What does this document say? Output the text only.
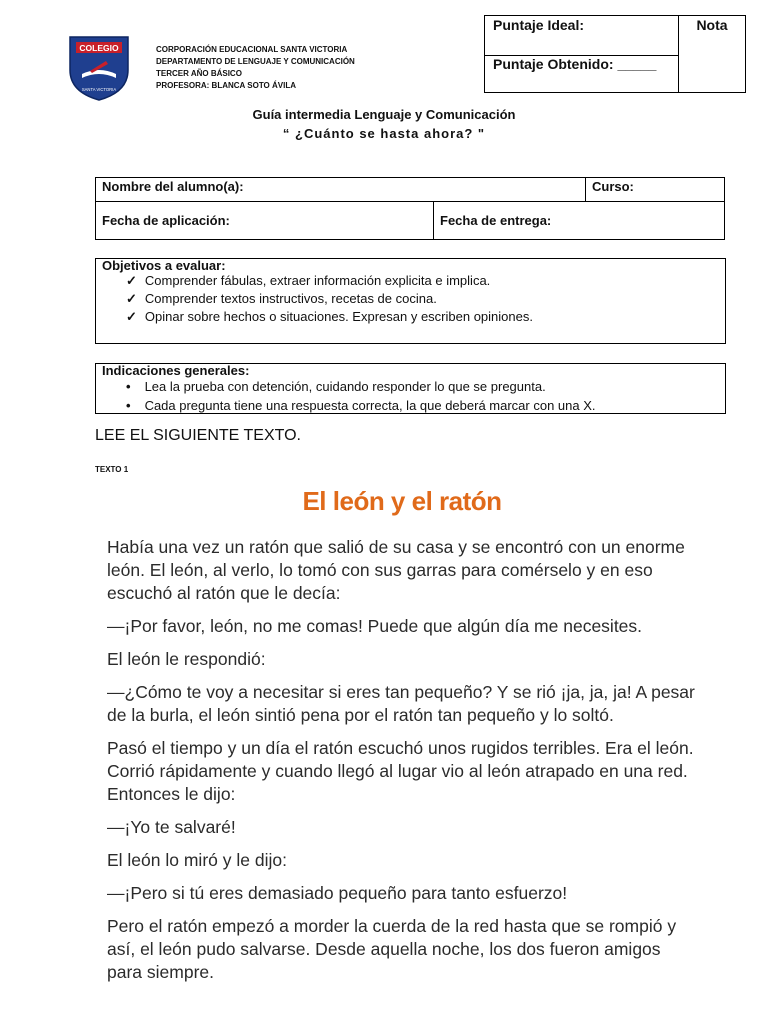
COLEGIO
SANTA VICTORIA
CORPORACIÓN EDUCACIONAL SANTA VICTORIA
DEPARTAMENTO DE LENGUAJE Y COMUNICACIÓN
TERCER AÑO BÁSICO
PROFESORA: BLANCA SOTO ÁVILA
Puntaje Ideal:	Nota
Puntaje Obtenido: _____
Guía intermedia Lenguaje y Comunicación
“ ¿Cuánto se hasta ahora? "
Nombre del alumno(a):		Curso:
Fecha de aplicación:	Fecha de entrega:	
Objetivos a evaluar:
✓ Comprender fábulas, extraer información explicita e implica.
✓ Comprender textos instructivos, recetas de cocina.
✓ Opinar sobre hechos o situaciones. Expresan y escriben opiniones.
Indicaciones generales:
• Lea la prueba con detención, cuidando responder lo que se pregunta.
• Cada pregunta tiene una respuesta correcta, la que deberá marcar con una X.
LEE EL SIGUIENTE TEXTO.
TEXTO 1
El león y el ratón

Había una vez un ratón que salió de su casa y se encontró con un enorme león. El león, al verlo, lo tomó con sus garras para comérselo y en eso escuchó al ratón que le decía:

—¡Por favor, león, no me comas! Puede que algún día me necesites.

El león le respondió:

—¿Cómo te voy a necesitar si eres tan pequeño? Y se rió ¡ja, ja, ja! A pesar de la burla, el león sintió pena por el ratón tan pequeño y lo soltó.

Pasó el tiempo y un día el ratón escuchó unos rugidos terribles. Era el león. Corrió rápidamente y cuando llegó al lugar vio al león atrapado en una red. Entonces le dijo:

—¡Yo te salvaré!

El león lo miró y le dijo:

—¡Pero si tú eres demasiado pequeño para tanto esfuerzo!

Pero el ratón empezó a morder la cuerda de la red hasta que se rompió y así, el león pudo salvarse. Desde aquella noche, los dos fueron amigos para siempre.
